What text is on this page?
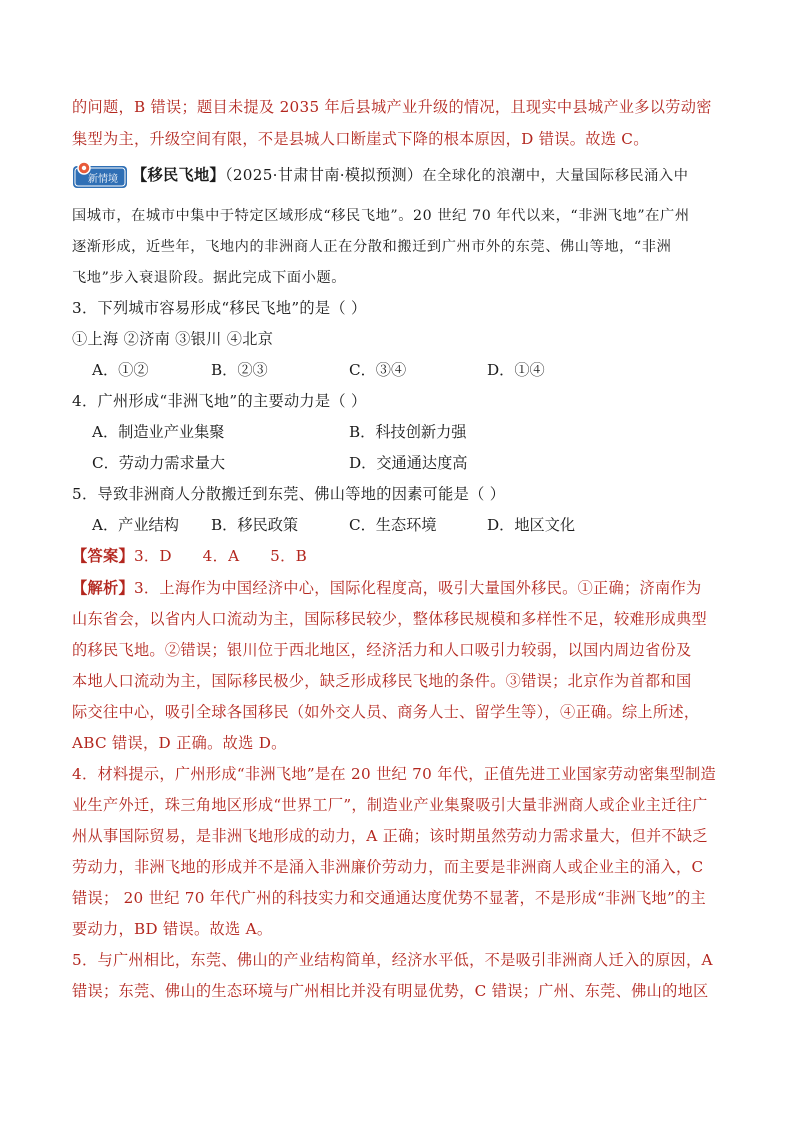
的问题，B 错误；题目未提及 2035 年后县城产业升级的情况，且现实中县城产业多以劳动密
集型为主，升级空间有限，不是县城人口断崖式下降的根本原因，D 错误。故选 C。
新情境 【移民飞地】（2025·甘肃甘南·模拟预测）在全球化的浪潮中，大量国际移民涌入中
国城市，在城市中集中于特定区域形成“移民飞地”。20 世纪 70 年代以来，“非洲飞地”在广州
逐渐形成，近些年，飞地内的非洲商人正在分散和搬迁到广州市外的东莞、佛山等地，“非洲
飞地”步入衰退阶段。据此完成下面小题。
3．下列城市容易形成“移民飞地”的是（ ）
①上海 ②济南 ③银川 ④北京
A．①②	B．②③	C．③④	D．①④
4．广州形成“非洲飞地”的主要动力是（ ）
A．制造业产业集聚	B．科技创新力强
C．劳动力需求量大	D．交通通达度高
5．导致非洲商人分散搬迁到东莞、佛山等地的因素可能是（ ）
A．产业结构 B．移民政策	C．生态环境	D．地区文化
【答案】3．D      4．A      5．B
【解析】3．上海作为中国经济中心，国际化程度高，吸引大量国外移民。①正确；济南作为
山东省会，以省内人口流动为主，国际移民较少，整体移民规模和多样性不足，较难形成典型
的移民飞地。②错误；银川位于西北地区，经济活力和人口吸引力较弱，以国内周边省份及
本地人口流动为主，国际移民极少，缺乏形成移民飞地的条件。③错误；北京作为首都和国
际交往中心，吸引全球各国移民（如外交人员、商务人士、留学生等），④正确。综上所述，
ABC 错误，D 正确。故选 D。
4．材料提示，广州形成“非洲飞地”是在 20 世纪 70 年代，正值先进工业国家劳动密集型制造
业生产外迁，珠三角地区形成“世界工厂”，制造业产业集聚吸引大量非洲商人或企业主迁往广
州从事国际贸易，是非洲飞地形成的动力，A 正确；该时期虽然劳动力需求量大，但并不缺乏
劳动力，非洲飞地的形成并不是涌入非洲廉价劳动力，而主要是非洲商人或企业主的涌入，C
错误； 20 世纪 70 年代广州的科技实力和交通通达度优势不显著，不是形成“非洲飞地”的主
要动力，BD 错误。故选 A。
5．与广州相比，东莞、佛山的产业结构简单，经济水平低，不是吸引非洲商人迁入的原因，A
错误；东莞、佛山的生态环境与广州相比并没有明显优势，C 错误；广州、东莞、佛山的地区
